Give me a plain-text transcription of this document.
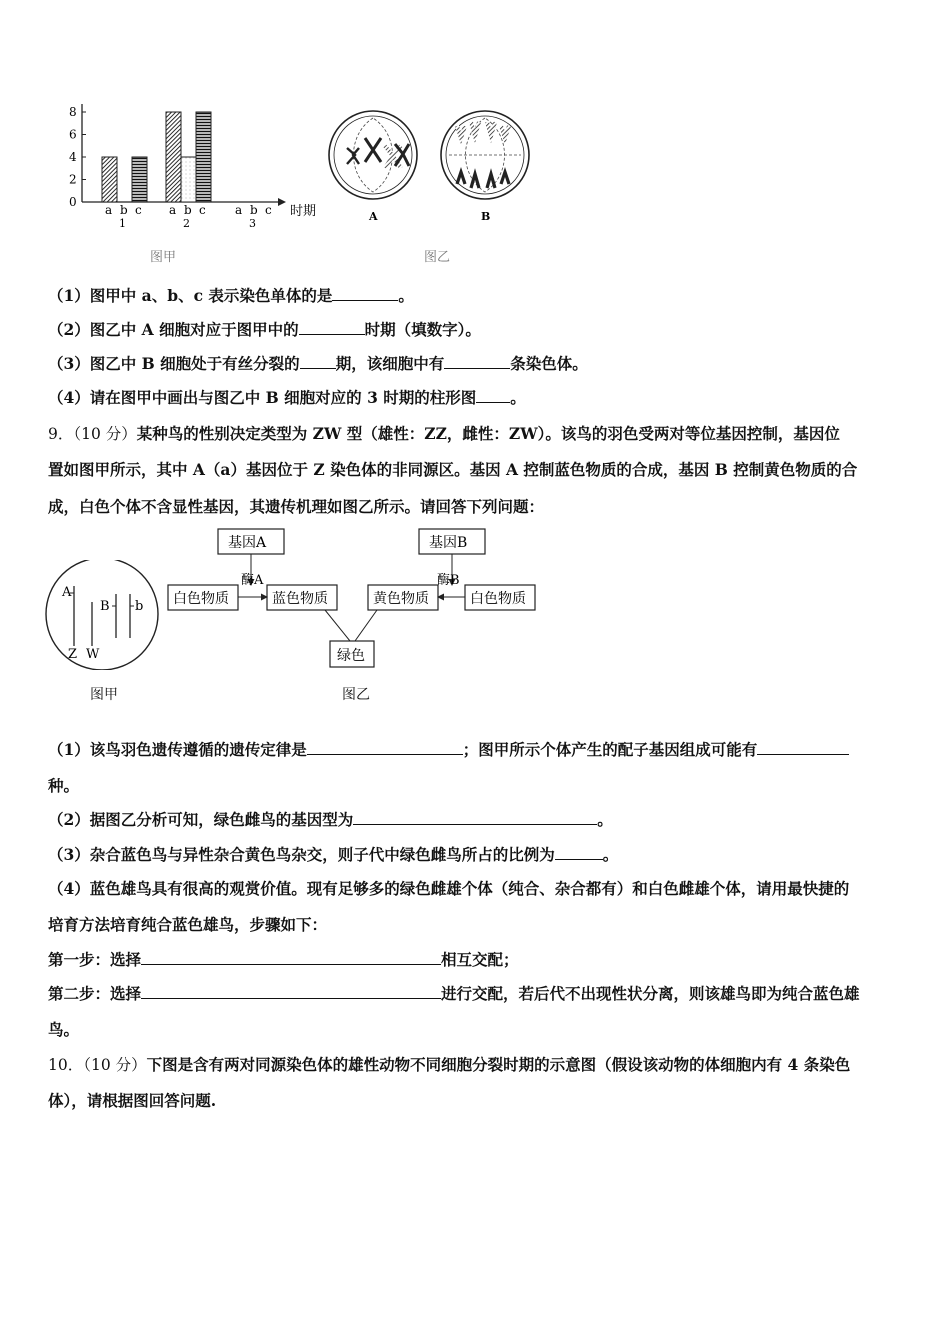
0
2
4
6
8
a b c
1
a b c
2
a b c
3
时期
图甲
A	B
图乙
（1）图甲中 a、b、c 表示染色单体的是	。
（2）图乙中 A 细胞对应于图甲中的	时期（填数字）。
（3）图乙中 B 细胞处于有丝分裂的 期，该细胞中有	条染色体。
（4）请在图甲中画出与图乙中 B 细胞对应的 3 时期的柱形图 。
9．（10 分）某种鸟的性别决定类型为 ZW 型（雄性：ZZ，雌性：ZW）。该鸟的羽色受两对等位基因控制，基因位
置如图甲所示，其中 A（a）基因位于 Z 染色体的非同源区。基因 A 控制蓝色物质的合成，基因 B 控制黄色物质的合
成，白色个体不含显性基因，其遗传机理如图乙所示。请回答下列问题：
A
B b
Z W
图甲
基因A	基因B
白色物质	蓝色物质	黄色物质	白色物质
绿色
酶A	酶B
图乙
（1）该鸟羽色遗传遵循的遗传定律是	；图甲所示个体产生的配子基因组成可能有
种。
（2）据图乙分析可知，绿色雌鸟的基因型为	。
（3）杂合蓝色鸟与异性杂合黄色鸟杂交，则子代中绿色雌鸟所占的比例为	。
（4）蓝色雄鸟具有很高的观赏价值。现有足够多的绿色雌雄个体（纯合、杂合都有）和白色雌雄个体，请用最快捷的
培育方法培育纯合蓝色雄鸟，步骤如下：
第一步：选择	相互交配；
第二步：选择	进行交配，若后代不出现性状分离，则该雄鸟即为纯合蓝色雄
鸟。
10．（10 分）下图是含有两对同源染色体的雄性动物不同细胞分裂时期的示意图（假设该动物的体细胞内有 4 条染色
体），请根据图回答问题.
